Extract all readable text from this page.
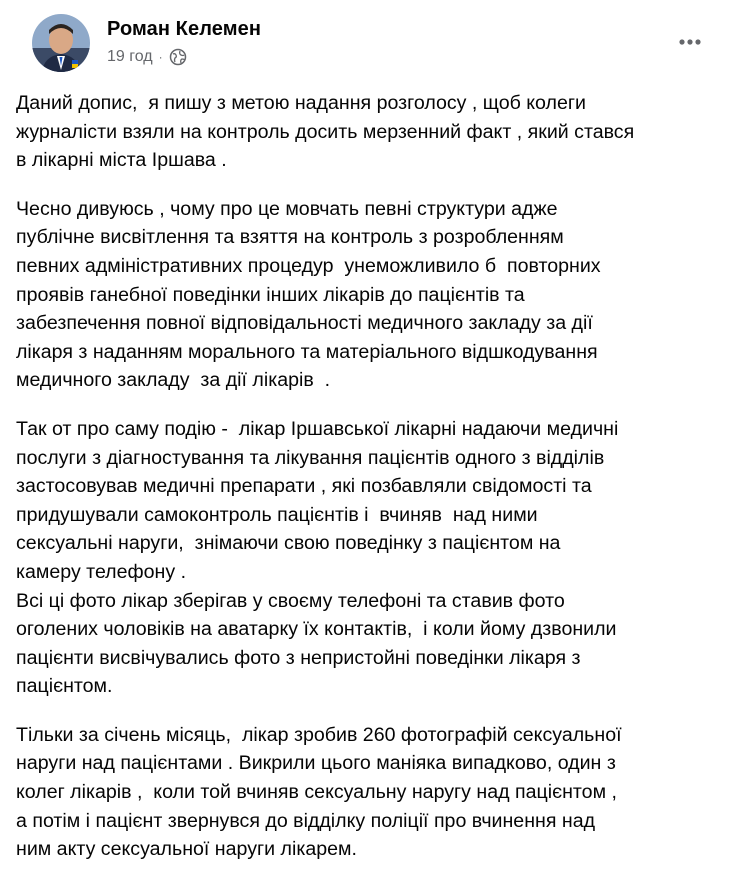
Роман Келемен
19 год ·
Даний допис,  я пишу з метою надання розголосу , щоб колеги
журналісти взяли на контроль досить мерзенний факт , який стався
в лікарні міста Іршава .
Чесно дивуюсь , чому про це мовчать певні структури адже
публічне висвітлення та взяття на контроль з розробленням
певних адміністративних процедур  унеможливило б  повторних
проявів ганебної поведінки інших лікарів до пацієнтів та
забезпечення повної відповідальності медичного закладу за дії
лікаря з наданням морального та матеріального відшкодування
медичного закладу  за дії лікарів  .
Так от про саму подію -  лікар Іршавської лікарні надаючи медичні
послуги з діагностування та лікування пацієнтів одного з відділів
застосовував медичні препарати , які позбавляли свідомості та
придушували самоконтроль пацієнтів і  вчиняв  над ними
сексуальні наруги,  знімаючи свою поведінку з пацієнтом на
камеру телефону .
Всі ці фото лікар зберігав у своєму телефоні та ставив фото
оголених чоловіків на аватарку їх контактів,  і коли йому дзвонили
пацієнти висвічувались фото з непристойні поведінки лікаря з
пацієнтом.
Тільки за січень місяць,  лікар зробив 260 фотографій сексуальної
наруги над пацієнтами . Викрили цього маніяка випадково, один з
колег лікарів ,  коли той вчиняв сексуальну наругу над пацієнтом ,
а потім і пацієнт звернувся до відділку поліції про вчинення над
ним акту сексуальної наруги лікарем.
